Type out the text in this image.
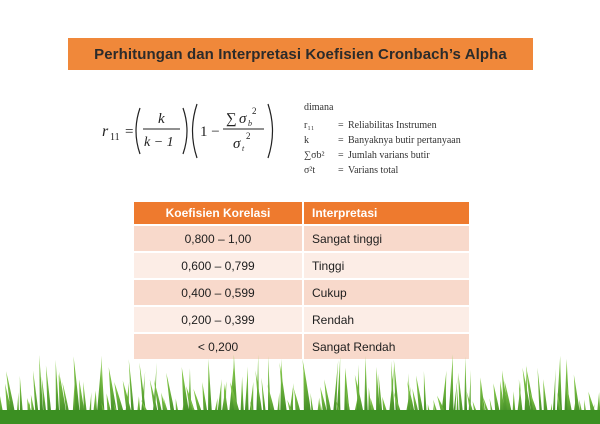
Perhitungan dan Interpretasi Koefisien Cronbach’s Alpha
r 11 =
k
k − 1
1 −
∑ σ b
2
σ t
2
dimana
r₁₁	= Reliabilitas Instrumen
k	= Banyaknya butir pertanyaan
∑σb²	= Jumlah varians butir
σ²t	= Varians total
Koefisien Korelasi	Interpretasi
0,800 – 1,00	Sangat tinggi
0,600 – 0,799	Tinggi
0,400 – 0,599	Cukup
0,200 – 0,399	Rendah
< 0,200	Sangat Rendah
